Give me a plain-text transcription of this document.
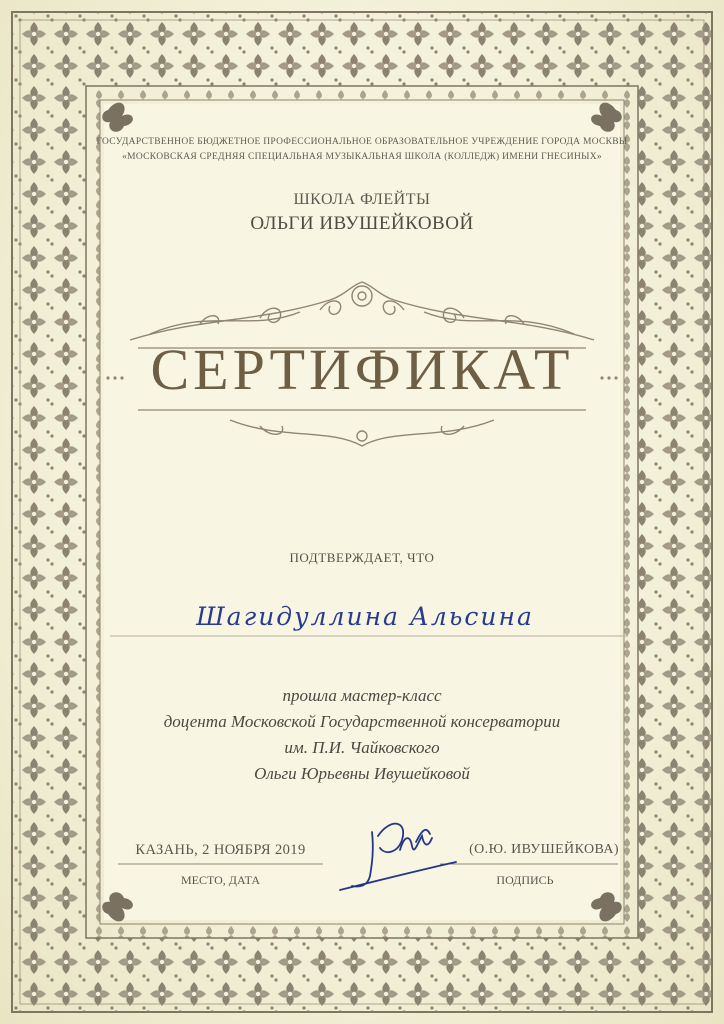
ГОСУДАРСТВЕННОЕ БЮДЖЕТНОЕ ПРОФЕССИОНАЛЬНОЕ ОБРАЗОВАТЕЛЬНОЕ УЧРЕЖДЕНИЕ ГОРОДА МОСКВЫ
«МОСКОВСКАЯ СРЕДНЯЯ СПЕЦИАЛЬНАЯ МУЗЫКАЛЬНАЯ ШКОЛА (КОЛЛЕДЖ) ИМЕНИ ГНЕСИНЫХ»
ШКОЛА ФЛЕЙТЫ
ОЛЬГИ ИВУШЕЙКОВОЙ
СЕРТИФИКАТ
ПОДТВЕРЖДАЕТ, ЧТО
Шагидуллина Альсина
прошла мастер-класс
доцента Московской Государственной консерватории
им. П.И. Чайковского
Ольги Юрьевны Ивушейковой
КАЗАНЬ, 2 НОЯБРЯ 2019
МЕСТО, ДАТА
(О.Ю. ИВУШЕЙКОВА)
ПОДПИСЬ
